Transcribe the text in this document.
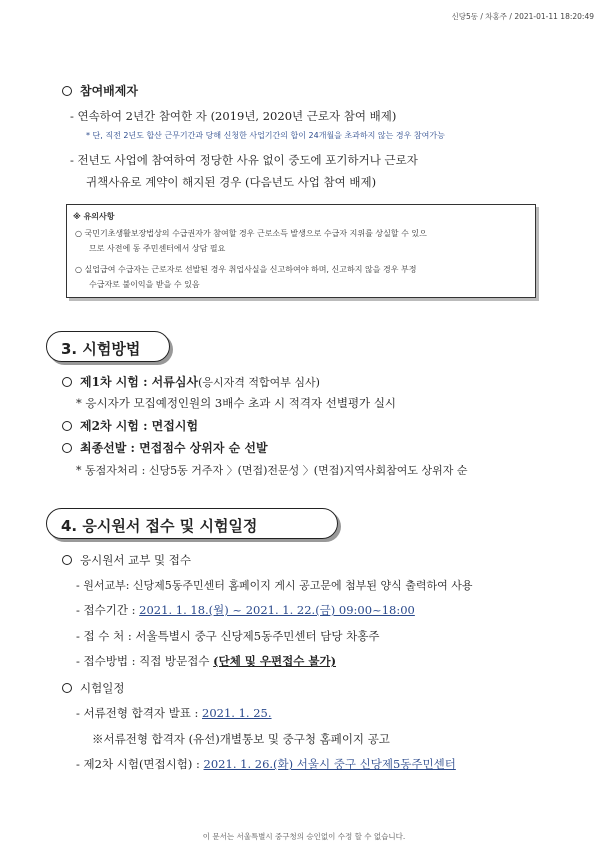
신당5동 / 차홍주 / 2021-01-11 18:20:49
참여배제자
- 연속하여 2년간 참여한 자 (2019년, 2020년 근로자 참여 배제)
* 단, 직전 2년도 합산 근무기간과 당해 신청한 사업기간의 합이 24개월을 초과하지 않는 경우 참여가능
- 전년도 사업에 참여하여 정당한 사유 없이 중도에 포기하거나 근로자
귀책사유로 계약이 해지된 경우 (다음년도 사업 참여 배제)
※ 유의사항
○ 국민기초생활보장법상의 수급권자가 참여할 경우 근로소득 발생으로 수급자 지위를 상실할 수 있으
므로 사전에 동 주민센터에서 상담 필요
○ 실업급여 수급자는 근로자로 선발된 경우 취업사실을 신고하여야 하며, 신고하지 않을 경우 부정
수급자로 불이익을 받을 수 있음
3. 시험방법
제1차 시험 : 서류심사(응시자격 적합여부 심사)
* 응시자가 모집예정인원의 3배수 초과 시 적격자 선별평가 실시
제2차 시험 : 면접시험
최종선발 : 면접점수 상위자 순 선발
* 동점자처리 : 신당5동 거주자 〉(면접)전문성 〉(면접)지역사회참여도 상위자 순
4. 응시원서 접수 및 시험일정
응시원서 교부 및 접수
- 원서교부: 신당제5동주민센터 홈페이지 게시 공고문에 첨부된 양식 출력하여 사용
- 접수기간 : 2021. 1. 18.(월) ~ 2021. 1. 22.(금) 09:00~18:00
- 접 수 처 : 서울특별시 중구 신당제5동주민센터 담당 차홍주
- 접수방법 : 직접 방문접수 (단체 및 우편접수 불가)
시험일정
- 서류전형 합격자 발표 : 2021. 1. 25.
※서류전형 합격자 (유선)개별통보 및 중구청 홈페이지 공고
- 제2차 시험(면접시험) : 2021. 1. 26.(화) 서울시 중구 신당제5동주민센터
이 문서는 서울특별시 중구청의 승인없이 수정 할 수 없습니다.
